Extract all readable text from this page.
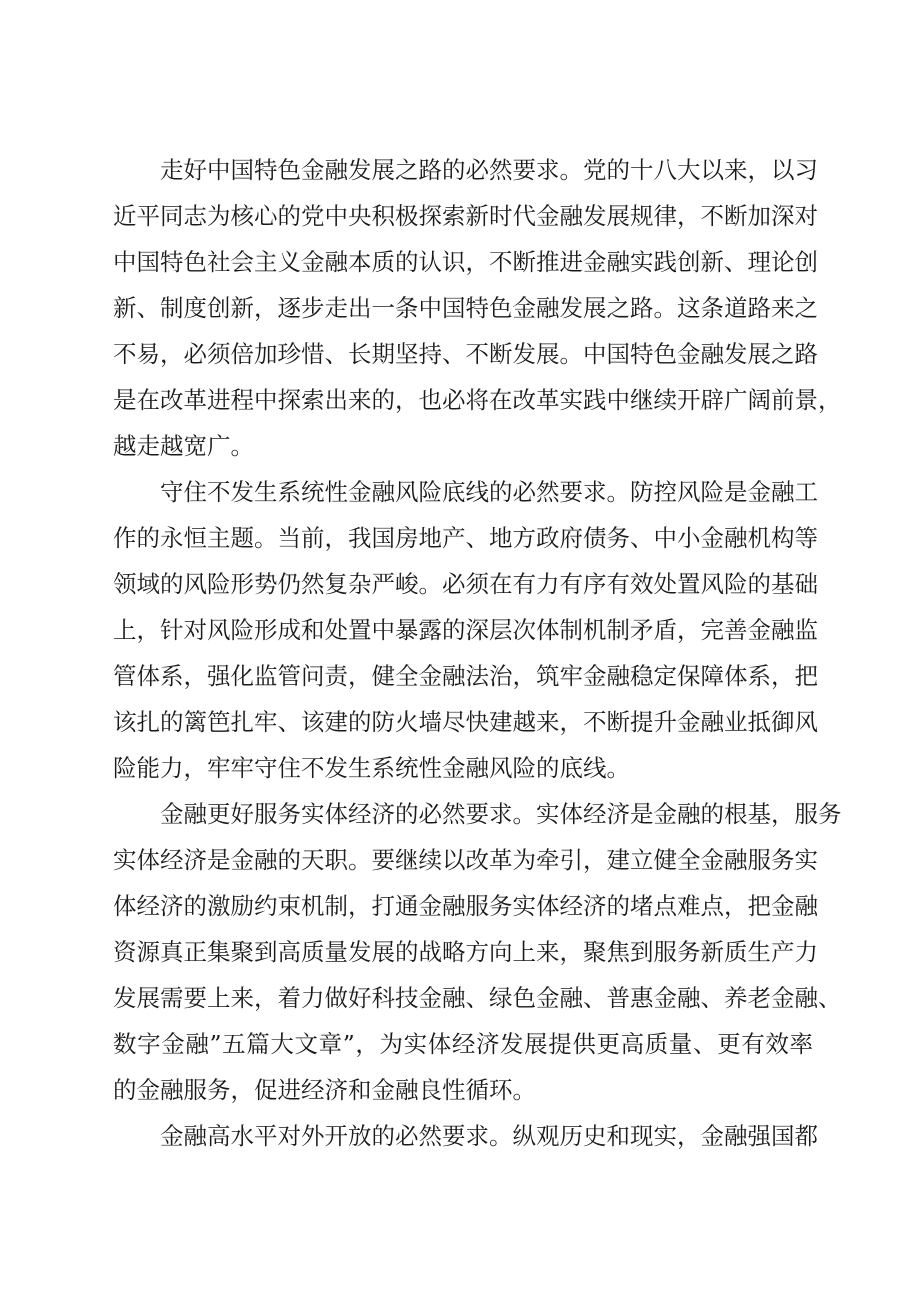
走好中国特色金融发展之路的必然要求。党的十八大以来，以习
近平同志为核心的党中央积极探索新时代金融发展规律，不断加深对
中国特色社会主义金融本质的认识，不断推进金融实践创新、理论创
新、制度创新，逐步走出一条中国特色金融发展之路。这条道路来之
不易，必须倍加珍惜、长期坚持、不断发展。中国特色金融发展之路
是在改革进程中探索出来的，也必将在改革实践中继续开辟广阔前景，
越走越宽广。
守住不发生系统性金融风险底线的必然要求。防控风险是金融工
作的永恒主题。当前，我国房地产、地方政府债务、中小金融机构等
领域的风险形势仍然复杂严峻。必须在有力有序有效处置风险的基础
上，针对风险形成和处置中暴露的深层次体制机制矛盾，完善金融监
管体系，强化监管问责，健全金融法治，筑牢金融稳定保障体系，把
该扎的篱笆扎牢、该建的防火墙尽快建越来，不断提升金融业抵御风
险能力，牢牢守住不发生系统性金融风险的底线。
金融更好服务实体经济的必然要求。实体经济是金融的根基，服务
实体经济是金融的天职。要继续以改革为牵引，建立健全金融服务实
体经济的激励约束机制，打通金融服务实体经济的堵点难点，把金融
资源真正集聚到高质量发展的战略方向上来，聚焦到服务新质生产力
发展需要上来，着力做好科技金融、绿色金融、普惠金融、养老金融、
数字金融”五篇大文章”，为实体经济发展提供更高质量、更有效率
的金融服务，促进经济和金融良性循环。
金融高水平对外开放的必然要求。纵观历史和现实，金融强国都
